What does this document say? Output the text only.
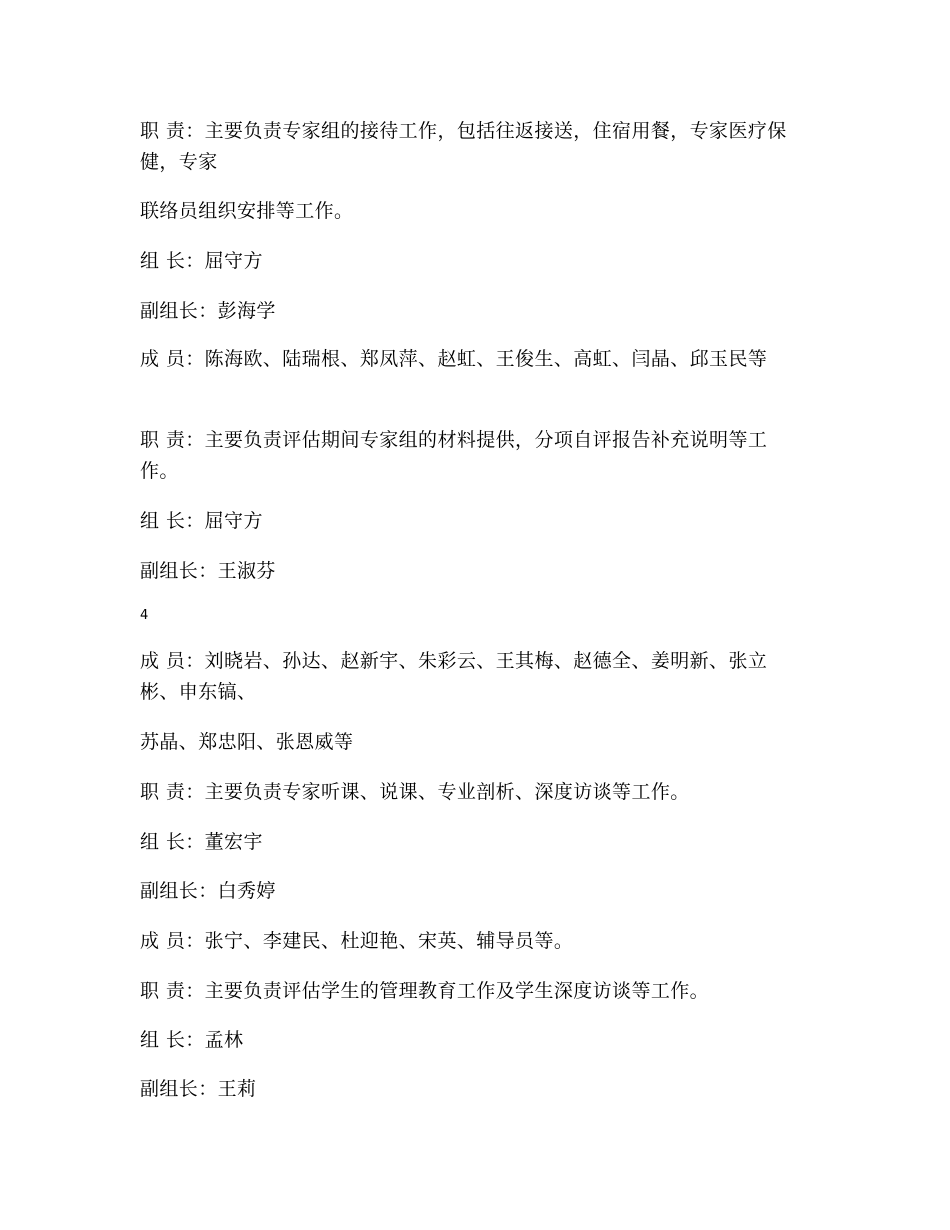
职 责：主要负责专家组的接待工作，包括往返接送，住宿用餐，专家医疗保健，专家
联络员组织安排等工作。
组 长：屈守方
副组长：彭海学
成 员：陈海欧、陆瑞根、郑凤萍、赵虹、王俊生、高虹、闫晶、邱玉民等
职 责：主要负责评估期间专家组的材料提供，分项自评报告补充说明等工作。
组 长：屈守方
副组长：王淑芬
4
成 员：刘晓岩、孙达、赵新宇、朱彩云、王其梅、赵德全、姜明新、张立彬、申东镐、
苏晶、郑忠阳、张恩威等
职 责：主要负责专家听课、说课、专业剖析、深度访谈等工作。
组 长：董宏宇
副组长：白秀婷
成 员：张宁、李建民、杜迎艳、宋英、辅导员等。
职 责：主要负责评估学生的管理教育工作及学生深度访谈等工作。
组 长：孟林
副组长：王莉
